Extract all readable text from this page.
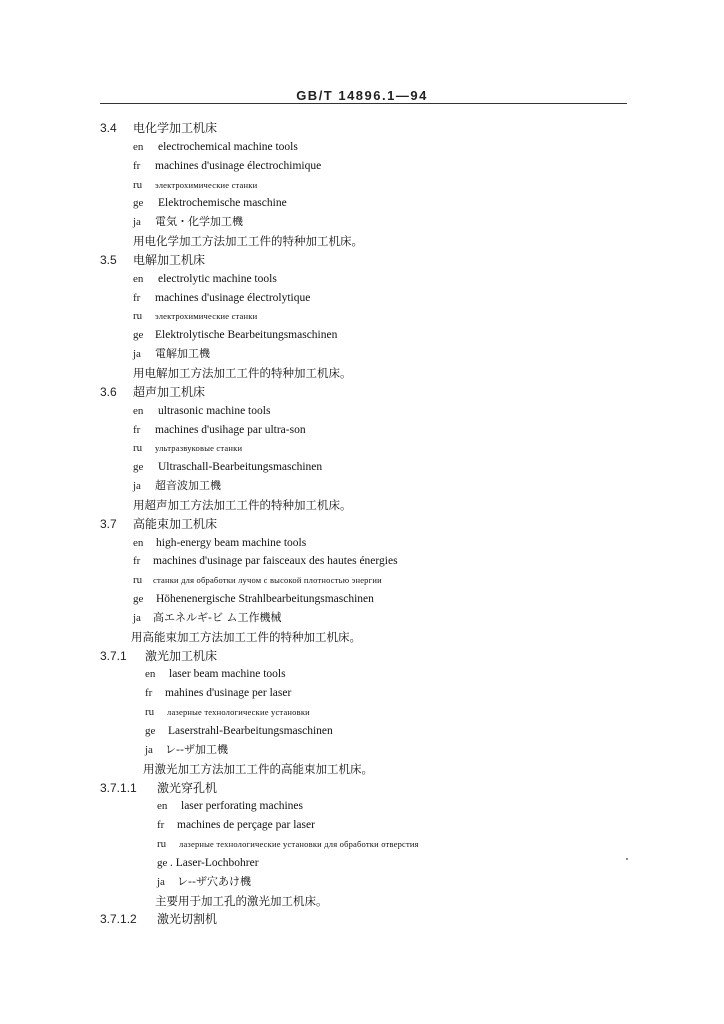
GB/T 14896.1—94
3.4 电化学加工机床
en electrochemical machine tools
fr machines d'usinage électrochimique
ru электрохимические станки
ge Elektrochemische maschine
ja 電気・化学加工機
用电化学加工方法加工工件的特种加工机床。
3.5 电解加工机床
en electrolytic machine tools
fr machines d'usinage électrolytique
ru электрохимические станки
ge Elektrolytische Bearbeitungsmaschinen
ja 電解加工機
用电解加工方法加工工件的特种加工机床。
3.6 超声加工机床
en ultrasonic machine tools
fr machines d'usihage par ultra-son
ru ультразвуковые станки
ge Ultraschall-Bearbeitungsmaschinen
ja 超音波加工機
用超声加工方法加工工件的特种加工机床。
3.7 高能束加工机床
en high-energy beam machine tools
fr machines d'usinage par faisceaux des hautes énergies
ru станки для обработки лучом с высокой плотностью энергии
ge Höhenenergische Strahlbearbeitungsmaschinen
ja 高エネルギ-ビ ム工作機械
用高能束加工方法加工工件的特种加工机床。
3.7.1 激光加工机床
en laser beam machine tools
fr mahines d'usinage per laser
ru лазерные технологические установки
ge Laserstrahl-Bearbeitungsmaschinen
ja レ--ザ加工機
用激光加工方法加工工件的高能束加工机床。
3.7.1.1 激光穿孔机
en laser perforating machines
fr machines de perçage par laser
ru лазерные технологические установки для обработки отверстия
ge . Laser-Lochbohrer
ja レ--ザ穴あけ機
主要用于加工孔的激光加工机床。
3.7.1.2 激光切割机
